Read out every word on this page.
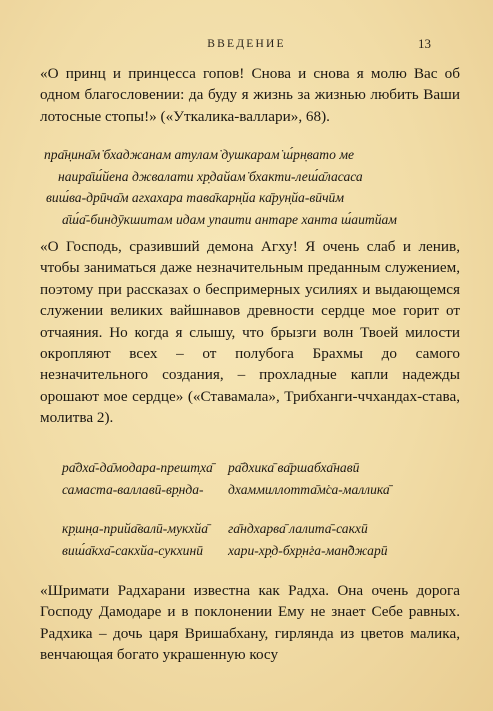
ВВЕДЕНИЕ	13

«О принц и принцесса гопов! Снова и снова я молю Вас об одном благословении: да буду я жизнь за жизнью любить Ваши лотосные стопы!» («Уткалика-валлари», 68).

пра̄н̣ина̄м̇ бхаджанам атулам̇ душкарам̇ ш́рн̣вато ме
наира̄ш́йена джвалати хр̣дайам̇ бхакти-леш́а̄ласаса
виш́ва-дрӣча̄м агхахара тава̄карн̣йа ка̄рун̣йа-вӣчӣм
а̄ш́а̄-биндӯкшитам идам упаити антаре ханта ш́аитйам

«О Господь, сразивший демона Агху! Я очень слаб и ленив, чтобы заниматься даже незначительным преданным служением, поэтому при рассказах о беспримерных усилиях и выдающемся служении великих вайшнавов древности сердце мое горит от отчаяния. Но когда я слышу, что брызги волн Твоей милости окропляют всех – от полубога Брахмы до самого незначительного создания, – прохладные капли надежды орошают мое сердце» («Ставамала», Трибханги-ччхандах-става, молитва 2).

ра̄дха̄-да̄модара-прешт̣ха̄ ра̄дхика̄ ва̄ршабха̄навӣ
самаста-валлавӣ-вр̣нда- дхаммиллотта̄м̇са-маллика̄
кр̣шн̣а-прийа̄валӣ-мукхйа̄ га̄ндхарва̄ лалита̄-сакхӣ
виш́а̄кха̄-сакхйа-сукхинӣ хари-хр̣д-бхр̣н̇га-ман̃джарӣ

«Шримати Радхарани известна как Радха. Она очень дорога Господу Дамодаре и в поклонении Ему не знает Себе равных. Радхика – дочь царя Вришабхану, гирлянда из цветов малика, венчающая богато украшенную косу
